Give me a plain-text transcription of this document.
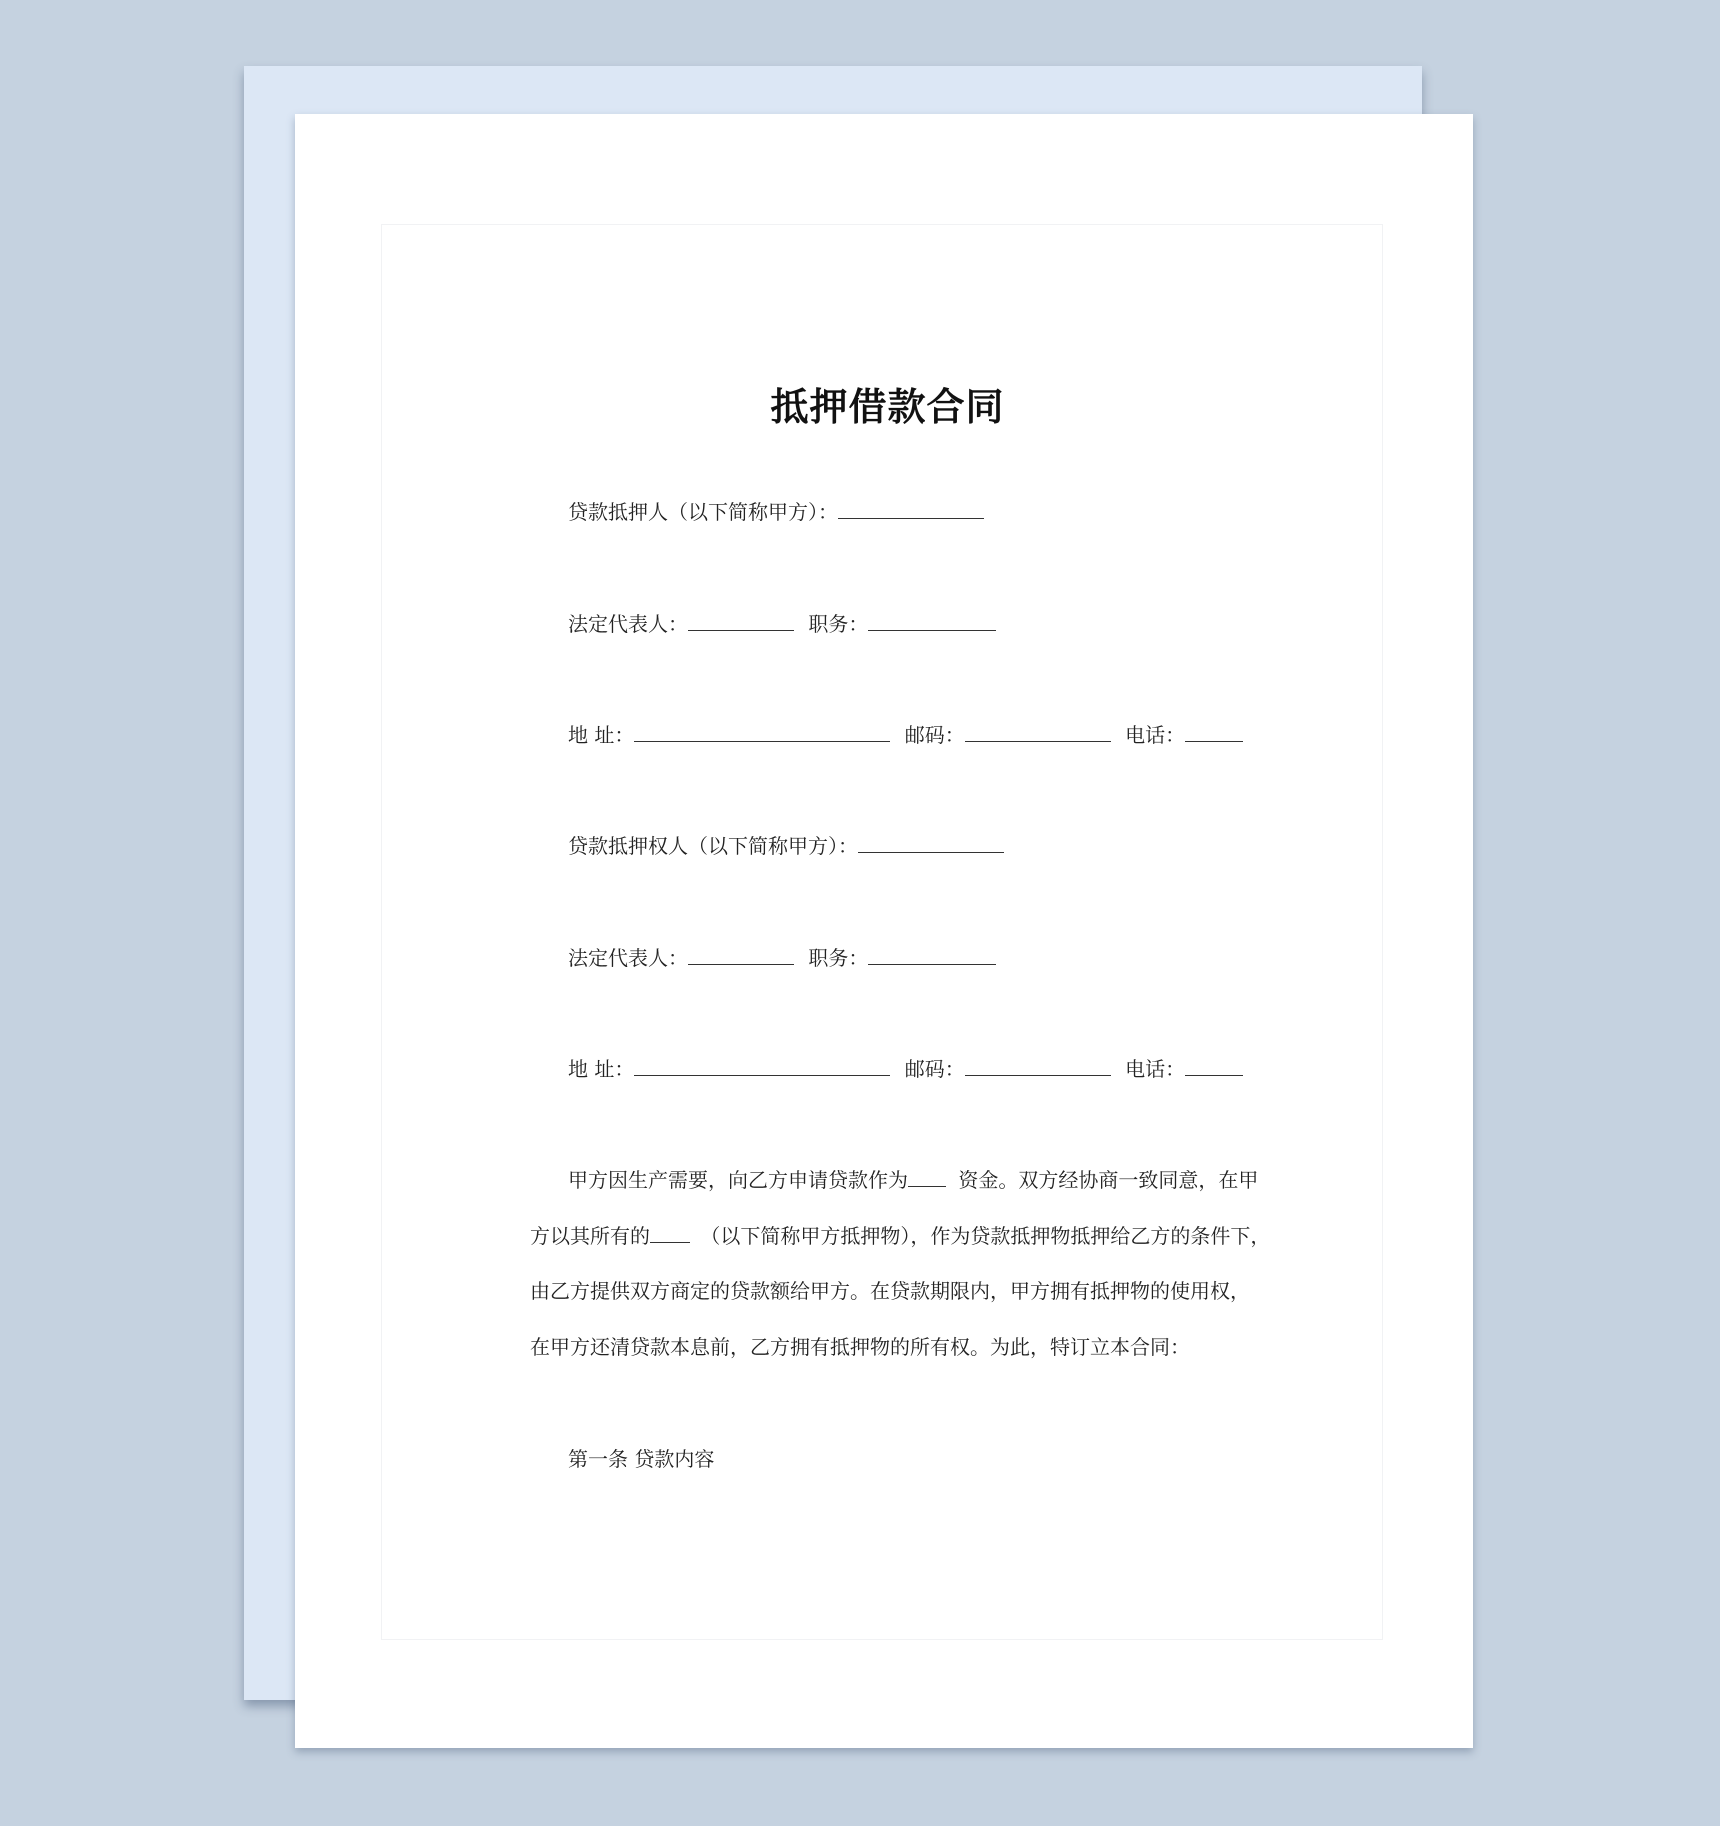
抵押借款合同
贷款抵押人（以下简称甲方）：
法定代表人：	职务：
地 址：	邮码：	电话：
贷款抵押权人（以下简称甲方）：
法定代表人：	职务：
地 址：	邮码：	电话：
甲方因生产需要，向乙方申请贷款作为	资金。双方经协商一致同意，在甲
方以其所有的	（以下简称甲方抵押物），作为贷款抵押物抵押给乙方的条件下，
由乙方提供双方商定的贷款额给甲方。在贷款期限内，甲方拥有抵押物的使用权，
在甲方还清贷款本息前，乙方拥有抵押物的所有权。为此，特订立本合同：
第一条 贷款内容
